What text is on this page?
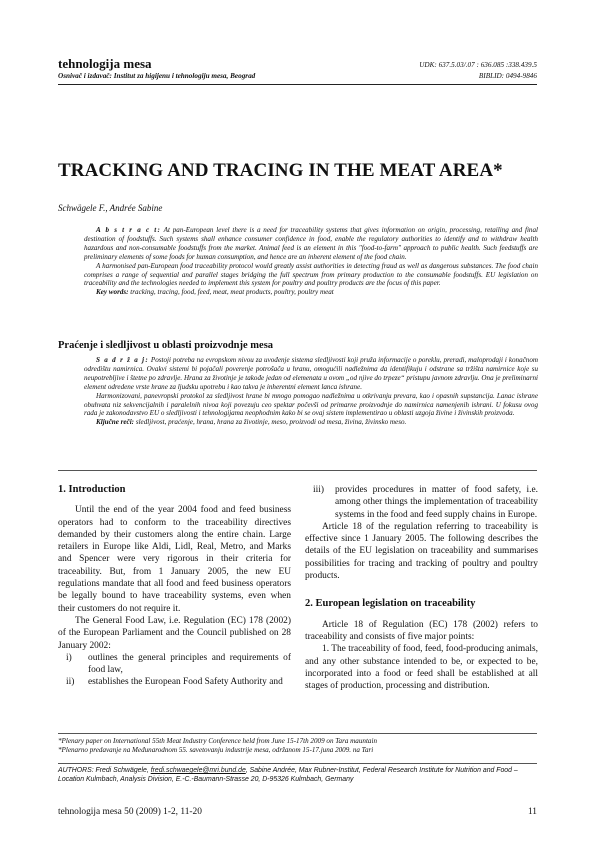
tehnologija mesa
Osnivač i izdavač: Institut za higijenu i tehnologiju mesa, Beograd
UDK: 637.5.03/.07 : 636.085 :338.439.5
BIBLID: 0494-9846
TRACKING AND TRACING IN THE MEAT AREA*
Schwägele F., Andrée Sabine

A b s t r a c t: At pan-European level there is a need for traceability systems that gives information on origin, processing, retailing and final destination of foodstuffs. Such systems shall enhance consumer confidence in food, enable the regulatory authorities to identify and to withdraw health hazardous and non-consumable foodstuffs from the market. Animal feed is an element in this "food-to-farm" approach to public health. Such feedstuffs are preliminary elements of some foods for human consumption, and hence are an inherent element of the food chain.

A harmonised pan-European food traceability protocol would greatly assist authorities in detecting fraud as well as dangerous substances. The food chain comprises a range of sequential and parallel stages bridging the full spectrum from primary production to the consumable foodstuffs. EU legislation on traceability and the technologies needed to implement this system for poultry and poultry products are the focus of this paper.

Key words: tracking, tracing, food, feed, meat, meat products, poultry, poultry meat

Praćenje i sledljivost u oblasti proizvodnje mesa

S a d r ž a j: Postoji potreba na evropskom nivou za uvođenje sistema sledljivosti koji pruža informacije o poreklu, preradi, maloprodaji i konačnom odredištu namirnica. Ovakvi sistemi bi pojačali poverenje potrošača u hranu, omogućili nadležnima da identifikuju i odstrane sa tržišta namirnice koje su neupotrebljive i štetne po zdravlje. Hrana za životinje je takođe jedan od elemenata u ovom „od njive do trpeze“ pristupu javnom zdravlju. Ona je preliminarni element odredene vrste hrane za ljudsku upotrebu i kao takva je inherentni element lanca ishrane.

Harmonizovani, panevropski protokol za sledljivost hrane bi mnogo pomogao nadležnima u otkrivanju prevara, kao i opasnih supstancija. Lanac ishrane obuhvata niz sekvencijalnih i paralelnih nivoa koji povezuju ceo spektar počevši od primarne proizvodnje do namirnica namenjenih ishrani. U fokusu ovog rada je zakonodavstvo EU o sledljivosti i tehnologijama neophodnim kako bi se ovaj sistem implementirao u oblasti uzgoja živine i živinskih proizvoda.

Ključne reči: sledljivost, praćenje, hrana, hrana za životinje, meso, proizvodi od mesa, živina, živinsko meso.

1. Introduction

Until the end of the year 2004 food and feed business operators had to conform to the traceability directives demanded by their customers along the entire chain. Large retailers in Europe like Aldi, Lidl, Real, Metro, and Marks and Spencer were very rigorous in their criteria for traceability. But, from 1 January 2005, the new EU regulations mandate that all food and feed business operators be legally bound to have traceability systems, even when their customers do not require it.

The General Food Law, i.e. Regulation (EC) 178 (2002) of the European Parliament and the Council published on 28 January 2002:

i) outlines the general principles and requirements of food law,
ii) establishes the European Food Safety Authority and
iii) provides procedures in matter of food safety, i.e. among other things the implementation of traceability systems in the food and feed supply chains in Europe.

Article 18 of the regulation referring to traceability is effective since 1 January 2005. The following describes the details of the EU legislation on traceability and summarises possibilities for tracing and tracking of poultry and poultry products.

2. European legislation on traceability

Article 18 of Regulation (EC) 178 (2002) refers to traceability and consists of five major points:

1. The traceability of food, feed, food-producing animals, and any other substance intended to be, or expected to be, incorporated into a food or feed shall be established at all stages of production, processing and distribution.

*Plenary paper on International 55th Meat Industry Conference held from June 15-17th 2009 on Tara mauntain
*Plenarno predavanje na Međunarodnom 55. savetovanju industrije mesa, održanom 15-17.juna 2009. na Tari
AUTHORS: Fredi Schwägele, fredi.schwaegele@mri.bund.de, Sabine Andrée, Max Rubner-Institut, Federal Research Institute for Nutrition and Food – Location Kulmbach, Analysis Division, E.-C.-Baumann-Strasse 20, D-95326 Kulmbach, Germany
tehnologija mesa 50 (2009) 1-2, 11-20	11
